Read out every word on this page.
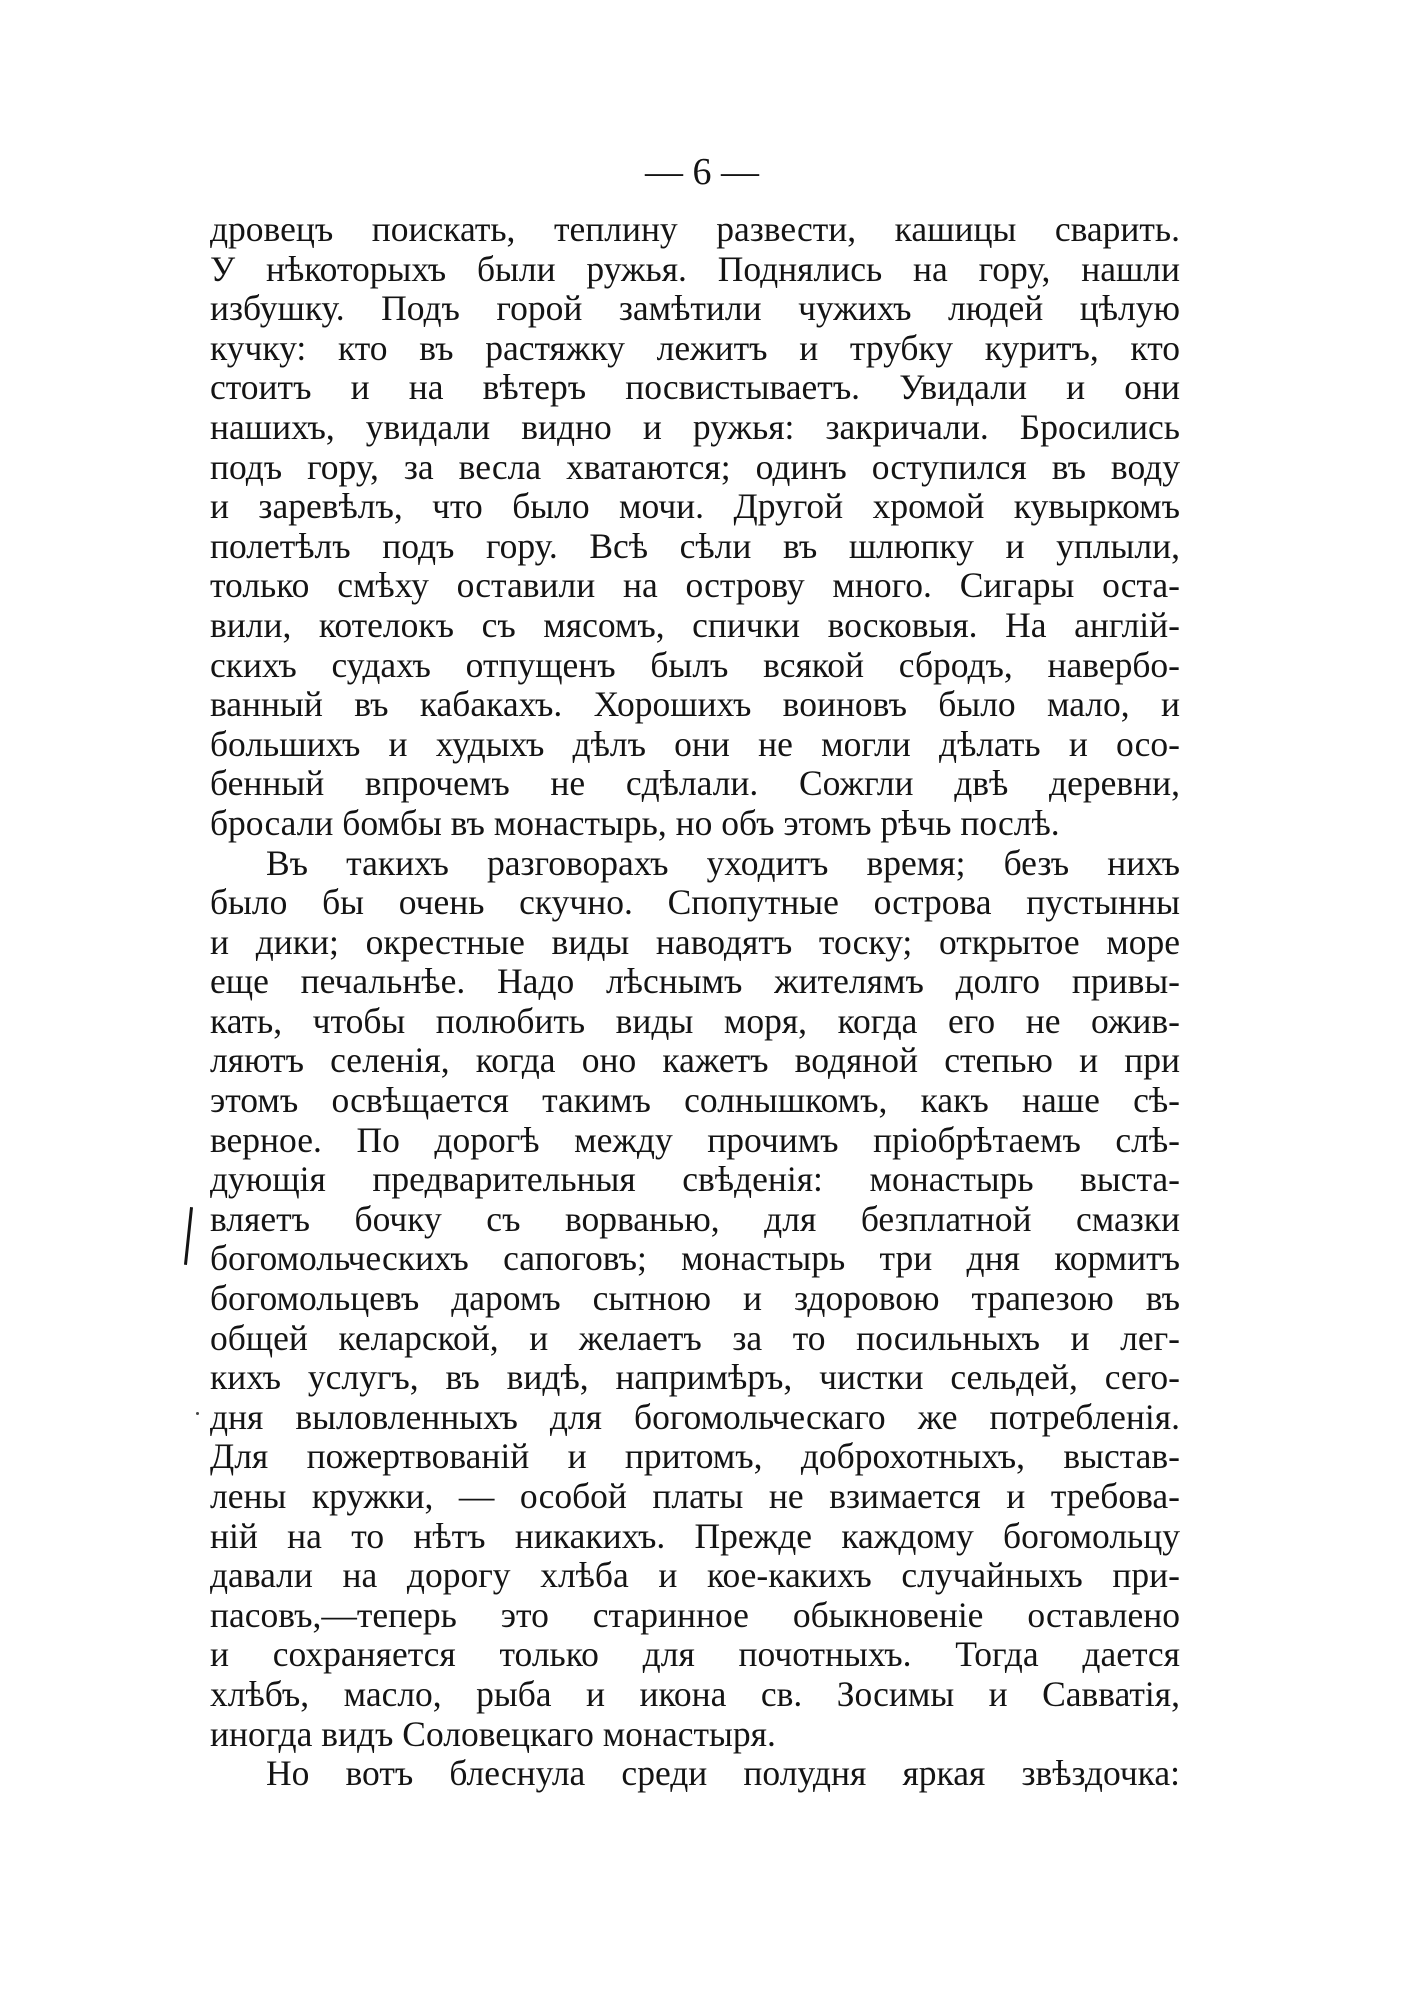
— 6 —
дровецъ поискать, теплину развести, кашицы сварить.
У нѣкоторыхъ были ружья. Поднялись на гору, нашли
избушку. Подъ горой замѣтили чужихъ людей цѣлую
кучку: кто въ растяжку лежитъ и трубку куритъ, кто
стоитъ и на вѣтеръ посвистываетъ. Увидали и они
нашихъ, увидали видно и ружья: закричали. Бросились
подъ гору, за весла хватаются; одинъ оступился въ воду
и заревѣлъ, что было мочи. Другой хромой кувыркомъ
полетѣлъ подъ гору. Всѣ сѣли въ шлюпку и уплыли,
только смѣху оставили на острову много. Сигары оста-
вили, котелокъ съ мясомъ, спички восковыя. На англій-
скихъ судахъ отпущенъ былъ всякой сбродъ, навербо-
ванный въ кабакахъ. Хорошихъ воиновъ было мало, и
большихъ и худыхъ дѣлъ они не могли дѣлать и осо-
бенный впрочемъ не сдѣлали. Сожгли двѣ деревни,
бросали бомбы въ монастырь, но объ этомъ рѣчь послѣ.
Въ такихъ разговорахъ уходитъ время; безъ нихъ
было бы очень скучно. Спопутные острова пустынны
и дики; окрестные виды наводятъ тоску; открытое море
еще печальнѣе. Надо лѣснымъ жителямъ долго привы-
кать, чтобы полюбить виды моря, когда его не ожив-
ляютъ селенія, когда оно кажетъ водяной степью и при
этомъ освѣщается такимъ солнышкомъ, какъ наше сѣ-
верное. По дорогѣ между прочимъ пріобрѣтаемъ слѣ-
дующія предварительныя свѣденія: монастырь выста-
вляетъ бочку съ ворванью, для безплатной смазки
богомольческихъ сапоговъ; монастырь три дня кормитъ
богомольцевъ даромъ сытною и здоровою трапезою въ
общей келарской, и желаетъ за то посильныхъ и лег-
кихъ услугъ, въ видѣ, напримѣръ, чистки сельдей, сего-
дня выловленныхъ для богомольческаго же потребленія.
Для пожертвованій и притомъ, доброхотныхъ, выстав-
лены кружки, — особой платы не взимается и требова-
ній на то нѣтъ никакихъ. Прежде каждому богомольцу
давали на дорогу хлѣба и кое-какихъ случайныхъ при-
пасовъ,—теперь это старинное обыкновеніе оставлено
и сохраняется только для почотныхъ. Тогда дается
хлѣбъ, масло, рыба и икона св. Зосимы и Савватія,
иногда видъ Соловецкаго монастыря.
Но вотъ блеснула среди полудня яркая звѣздочка:
